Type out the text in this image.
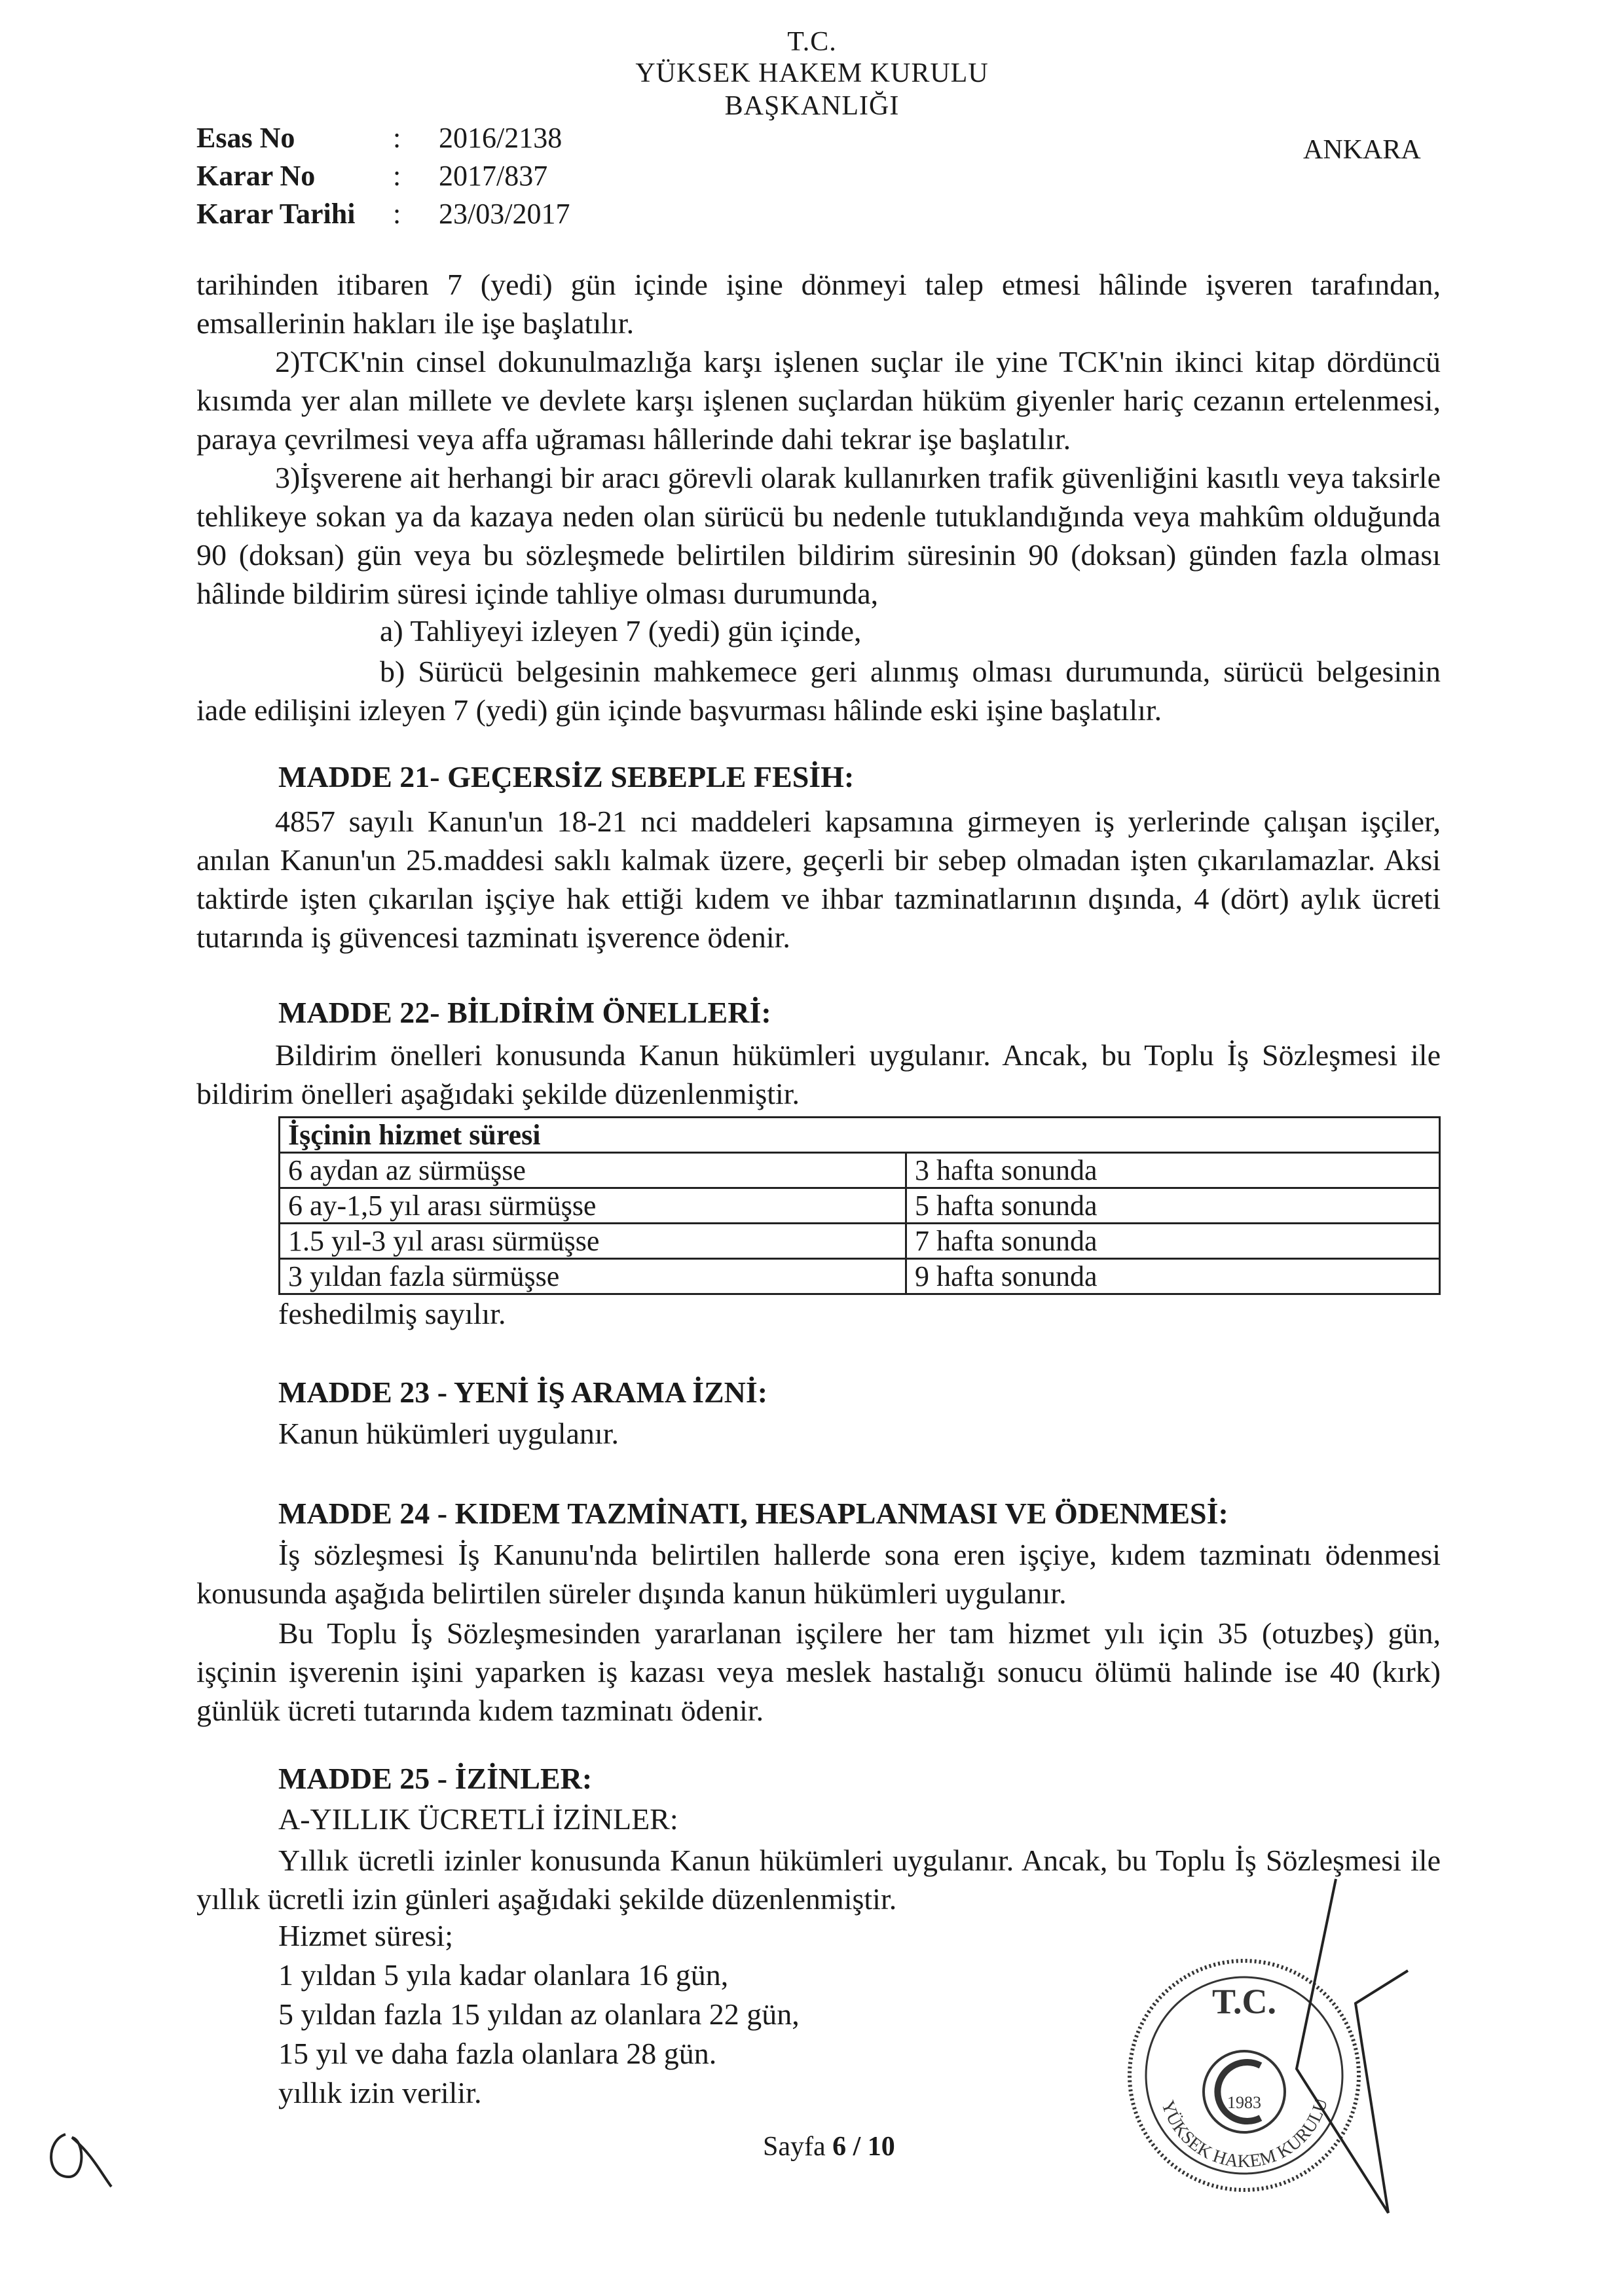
T.C.
YÜKSEK HAKEM KURULU
BAŞKANLIĞI
ANKARA
Esas No	: 2016/2138
Karar No	: 2017/837
Karar Tarihi	: 23/03/2017
tarihinden itibaren 7 (yedi) gün içinde işine dönmeyi talep etmesi hâlinde işveren tarafından, emsallerinin hakları ile işe başlatılır.
2)TCK'nin cinsel dokunulmazlığa karşı işlenen suçlar ile yine TCK'nin ikinci kitap dördüncü kısımda yer alan millete ve devlete karşı işlenen suçlardan hüküm giyenler hariç cezanın ertelenmesi, paraya çevrilmesi veya affa uğraması hâllerinde dahi tekrar işe başlatılır.
3)İşverene ait herhangi bir aracı görevli olarak kullanırken trafik güvenliğini kasıtlı veya taksirle tehlikeye sokan ya da kazaya neden olan sürücü bu nedenle tutuklandığında veya mahkûm olduğunda 90 (doksan) gün veya bu sözleşmede belirtilen bildirim süresinin 90 (doksan) günden fazla olması hâlinde bildirim süresi içinde tahliye olması durumunda,
a) Tahliyeyi izleyen 7 (yedi) gün içinde,
b) Sürücü belgesinin mahkemece geri alınmış olması durumunda, sürücü belgesinin iade edilişini izleyen 7 (yedi) gün içinde başvurması hâlinde eski işine başlatılır.
MADDE 21- GEÇERSİZ SEBEPLE FESİH:
4857 sayılı Kanun'un 18-21 nci maddeleri kapsamına girmeyen iş yerlerinde çalışan işçiler, anılan Kanun'un 25.maddesi saklı kalmak üzere, geçerli bir sebep olmadan işten çıkarılamazlar. Aksi taktirde işten çıkarılan işçiye hak ettiği kıdem ve ihbar tazminatlarının dışında, 4 (dört) aylık ücreti tutarında iş güvencesi tazminatı işverence ödenir.
MADDE 22- BİLDİRİM ÖNELLERİ:
Bildirim önelleri konusunda Kanun hükümleri uygulanır. Ancak, bu Toplu İş Sözleşmesi ile bildirim önelleri aşağıdaki şekilde düzenlenmiştir.
İşçinin hizmet süresi	
6 aydan az sürmüşse	3 hafta sonunda
6 ay-1,5 yıl arası sürmüşse	5 hafta sonunda
1.5 yıl-3 yıl arası sürmüşse	7 hafta sonunda
3 yıldan fazla sürmüşse	9 hafta sonunda
feshedilmiş sayılır.
MADDE 23 - YENİ İŞ ARAMA İZNİ:
Kanun hükümleri uygulanır.
MADDE 24 - KIDEM TAZMİNATI, HESAPLANMASI VE ÖDENMESİ:
İş sözleşmesi İş Kanunu'nda belirtilen hallerde sona eren işçiye, kıdem tazminatı ödenmesi konusunda aşağıda belirtilen süreler dışında kanun hükümleri uygulanır.
Bu Toplu İş Sözleşmesinden yararlanan işçilere her tam hizmet yılı için 35 (otuzbeş) gün, işçinin işverenin işini yaparken iş kazası veya meslek hastalığı sonucu ölümü halinde ise 40 (kırk) günlük ücreti tutarında kıdem tazminatı ödenir.
MADDE 25 - İZİNLER:
A-YILLIK ÜCRETLİ İZİNLER:
Yıllık ücretli izinler konusunda Kanun hükümleri uygulanır. Ancak, bu Toplu İş Sözleşmesi ile yıllık ücretli izin günleri aşağıdaki şekilde düzenlenmiştir.
Hizmet süresi;
1 yıldan 5 yıla kadar olanlara 16 gün,
5 yıldan fazla 15 yıldan az olanlara 22 gün,
15 yıl ve daha fazla olanlara 28 gün.
yıllık izin verilir.
Sayfa 6 / 10
T.C.
1983
YÜKSEK HAKEM KURULU
